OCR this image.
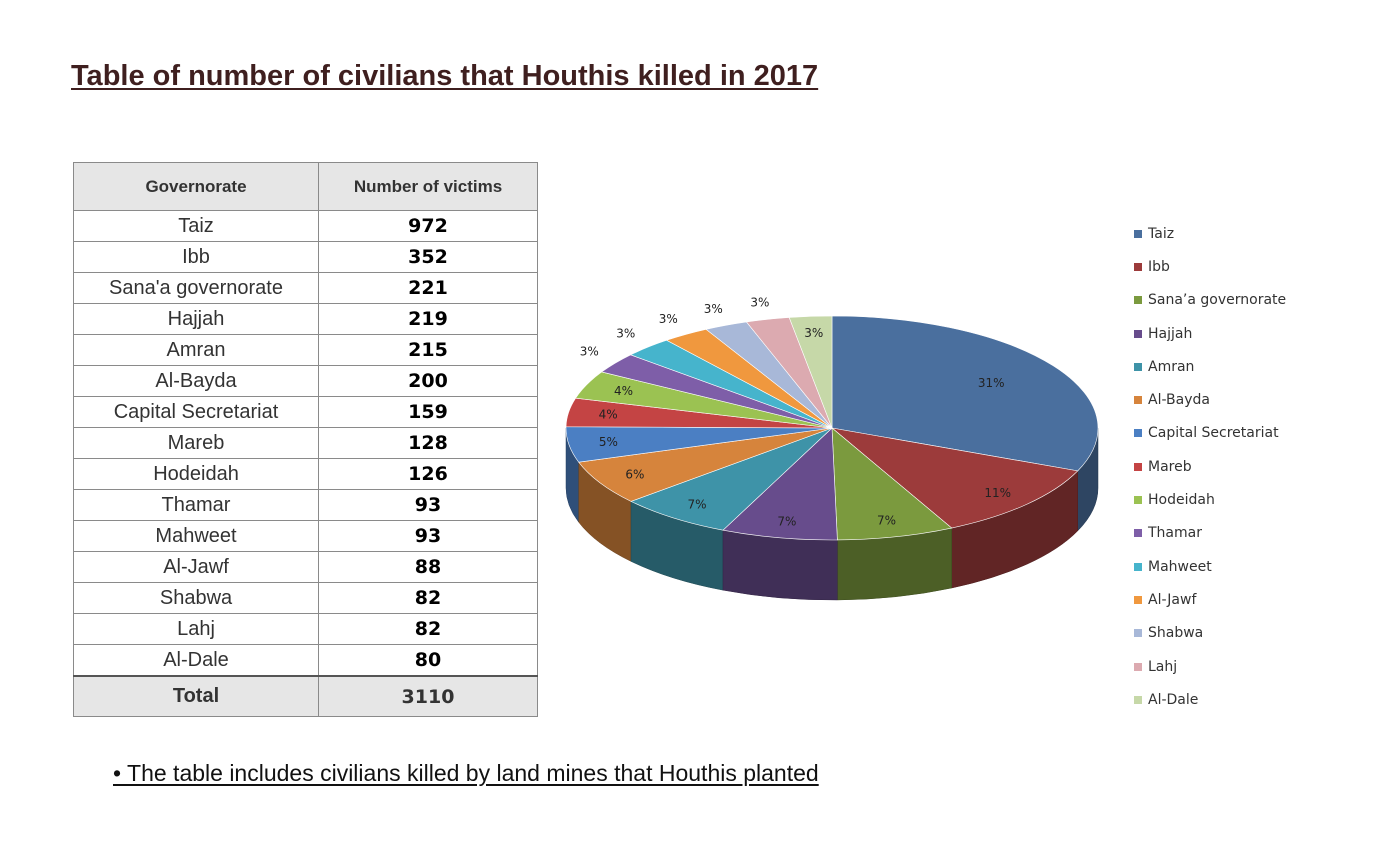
Table of number of civilians that Houthis killed in 2017
Governorate	Number of victims
Taiz	972
Ibb	352
Sana'a governorate	221
Hajjah	219
Amran	215
Al-Bayda	200
Capital Secretariat	159
Mareb	128
Hodeidah	126
Thamar	93
Mahweet	93
Al-Jawf	88
Shabwa	82
Lahj	82
Al-Dale	80
Total	3110
31%
11%
7%
7%
7%
6%
5%
4%
4%
3%
3%
3%
3% 3%
3%
Taiz
Ibb
Sana’a governorate
Hajjah
Amran
Al-Bayda
Capital Secretariat
Mareb
Hodeidah
Thamar
Mahweet
Al-Jawf
Shabwa
Lahj
Al-Dale

• The table includes civilians killed by land mines that Houthis planted
